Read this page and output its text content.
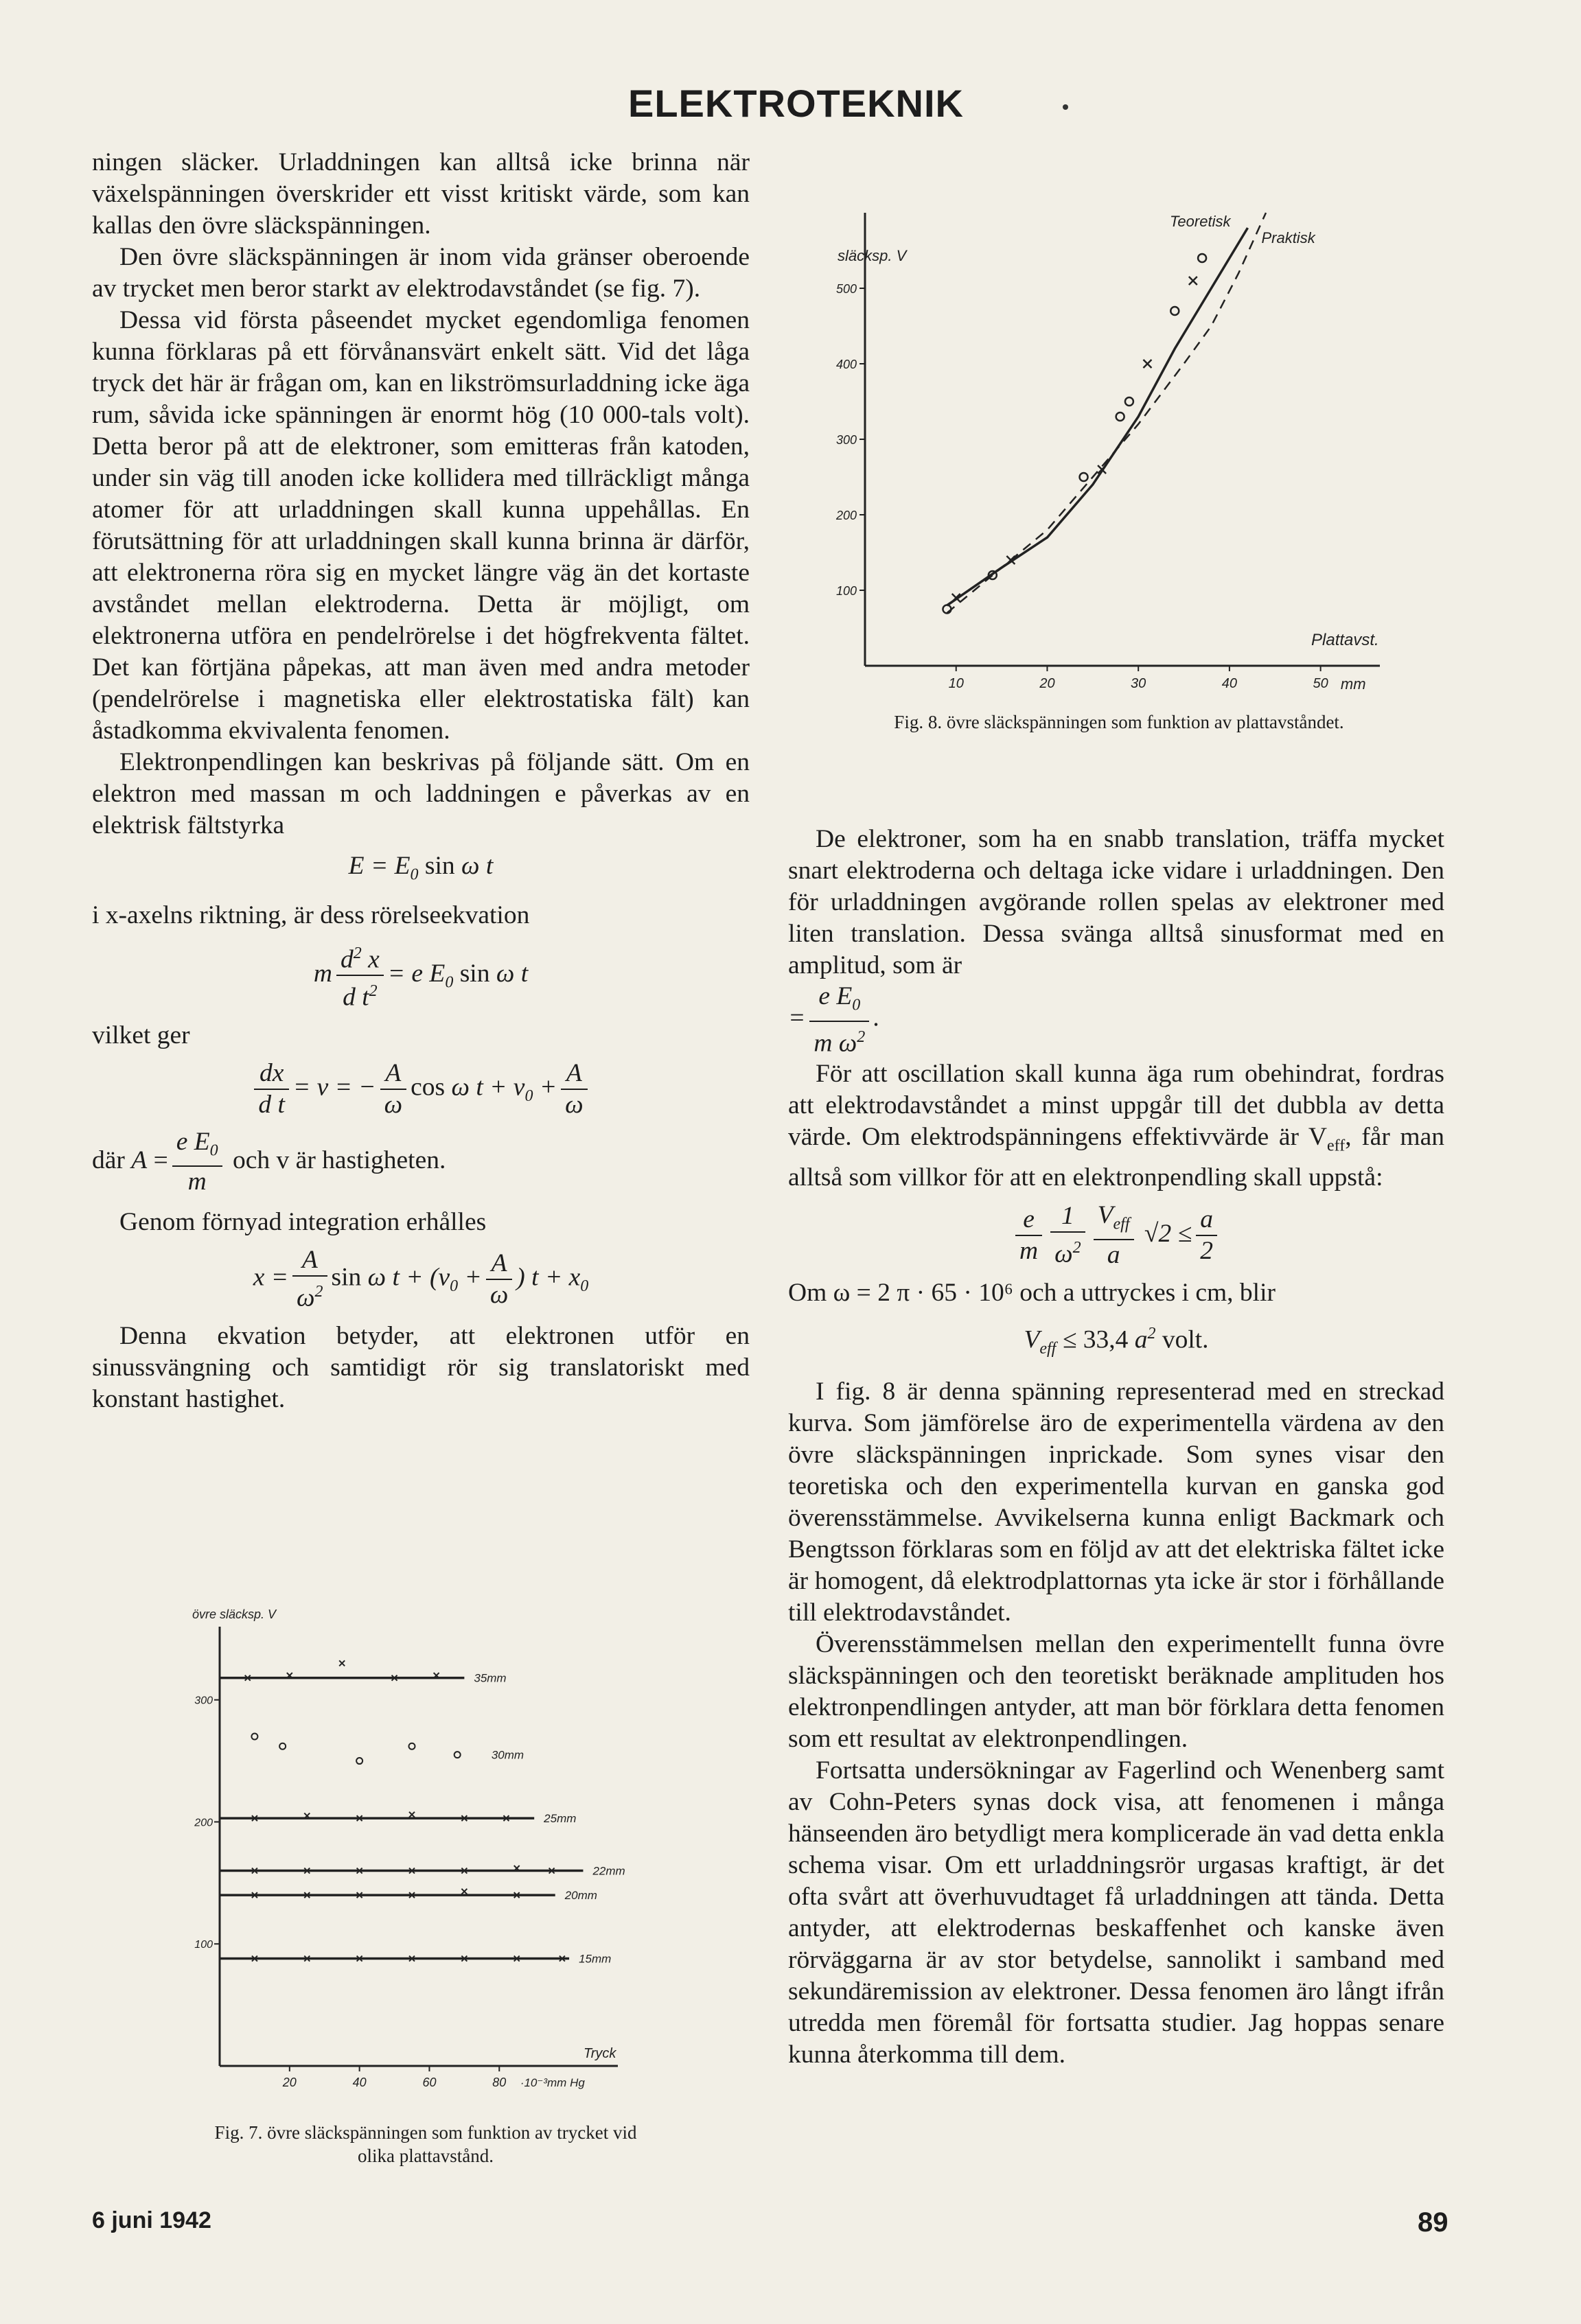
ELEKTROTEKNIK

ningen släcker. Urladdningen kan alltså icke brinna när växelspänningen överskrider ett visst kritiskt värde, som kan kallas den övre släckspänningen.

Den övre släckspänningen är inom vida gränser oberoende av trycket men beror starkt av elektrodavståndet (se fig. 7).

Dessa vid första påseendet mycket egendomliga fenomen kunna förklaras på ett förvånansvärt enkelt sätt. Vid det låga tryck det här är frågan om, kan en likströmsurladdning icke äga rum, såvida icke spänningen är enormt hög (10 000-tals volt). Detta beror på att de elektroner, som emitteras från katoden, under sin väg till anoden icke kollidera med tillräckligt många atomer för att urladdningen skall kunna uppehållas. En förutsättning för att urladdningen skall kunna brinna är därför, att elektronerna röra sig en mycket längre väg än det kortaste avståndet mellan elektroderna. Detta är möjligt, om elektronerna utföra en pendelrörelse i det högfrekventa fältet. Det kan förtjäna påpekas, att man även med andra metoder (pendelrörelse i magnetiska eller elektrostatiska fält) kan åstadkomma ekvivalenta fenomen.

Elektronpendlingen kan beskrivas på följande sätt. Om en elektron med massan m och laddningen e påverkas av en elektrisk fältstyrka

$E = E_0$ sin ω t

i x-axelns riktning, är dess rörelseekvation

m $\frac{d^2 x}{d t^2} = e$ $E_0$ sin ω t

vilket ger

$\frac{dx}{\text{d t}} = v$ = − $\frac{A}{\omega}$ cos ω $t + v_0 + \frac{A}{\omega}$

där $A = \frac{e E_0}{m}$ och v är hastigheten.

Genom förnyad integration erhålles

$x = \frac{A}{\omega^2}$ sin ω $t + (v_0 + \frac{A}{\omega}$ ) $t + x_0$

Denna ekvation betyder, att elektronen utför en sinussvängning och samtidigt rör sig translatoriskt med konstant hastighet.

10	20	30	40	50
100
200
300
400
500
släcksp. V
Plattavst.
mm
Teoretisk
Praktisk
Fig. 8. övre släckspänningen som funktion av plattavståndet.

De elektroner, som ha en snabb translation, träffa mycket snart elektroderna och deltaga icke vidare i urladdningen. Den för urladdningen avgörande rollen spelas av elektroner med liten translation. Dessa svänga alltså sinusformat med en amplitud, som är

= $\frac{e E_0}{m \omega^2}$ .

För att oscillation skall kunna äga rum obehindrat, fordras att elektrodavståndet a minst uppgår till det dubbla av detta värde. Om elektrodspänningens effektivvärde är $V_{eff}$, får man alltså som villkor för att en elektronpendling skall uppstå:

$\frac{e}{m} \frac{1}{\omega^2} \frac{V_{eff}}{a} √2 \le \frac{a}{2}$

Om ω = 2 π · 65 · 10⁶ och a uttryckes i cm, blir

$V_{eff} \le 33,4$ $a^2$ volt.

I fig. 8 är denna spänning representerad med en streckad kurva. Som jämförelse äro de experimentella värdena av den övre släckspänningen inprickade. Som synes visar den teoretiska och den experimentella kurvan en ganska god överensstämmelse. Avvikelserna kunna enligt Backmark och Bengtsson förklaras som en följd av att det elektriska fältet icke är homogent, då elektrodplattornas yta icke är stor i förhållande till elektrodavståndet.

Överensstämmelsen mellan den experimentellt funna övre släckspänningen och den teoretiskt beräknade amplituden hos elektronpendlingen antyder, att man bör förklara detta fenomen som ett resultat av elektronpendlingen.

Fortsatta undersökningar av Fagerlind och Wenenberg samt av Cohn-Peters synas dock visa, att fenomenen i många hänseenden äro betydligt mera komplicerade än vad detta enkla schema visar. Om ett urladdningsrör urgasas kraftigt, är det ofta svårt att överhuvudtaget få urladdningen att tända. Detta antyder, att elektrodernas beskaffenhet och kanske även rörväggarna är av stor betydelse, sannolikt i samband med sekundäremission av elektroner. Dessa fenomen äro långt ifrån utredda men föremål för fortsatta studier. Jag hoppas senare kunna återkomma till dem.

20	40	60	80
100
200
300
35mm
30mm
25mm
22mm
20mm
15mm
övre släcksp. V
Tryck
·10⁻³mm Hg
Fig. 7. övre släckspänningen som funktion av trycket vid olika plattavstånd.
6 juni 1942	89
